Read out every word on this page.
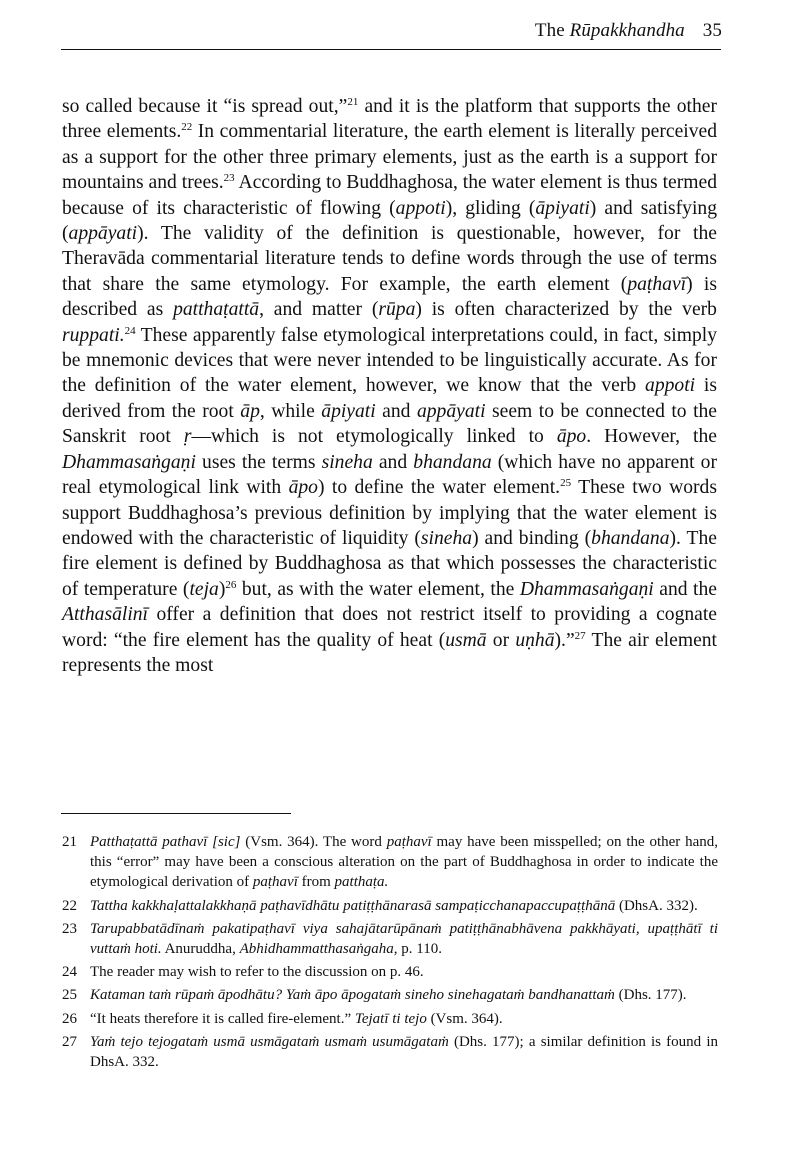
The Rūpakkhandha 35

so called because it “is spread out,”$^{21}$ and it is the platform that supports the other three elements.$^{22}$ In commentarial literature, the earth element is literally perceived as a support for the other three primary elements, just as the earth is a support for mountains and trees.$^{23}$ According to Buddhaghosa, the water element is thus termed because of its characteristic of flowing (appoti), gliding (āpiyati) and satisfying (appāyati). The validity of the definition is questionable, however, for the Theravāda commentarial literature tends to define words through the use of terms that share the same etymology. For example, the earth element (paṭhavī) is described as patthaṭattā, and matter (rūpa) is often characterized by the verb ruppati.$^{24}$ These apparently false etymological interpretations could, in fact, simply be mnemonic devices that were never intended to be linguistically accurate. As for the definition of the water element, however, we know that the verb appoti is derived from the root āp, while āpiyati and appāyati seem to be connected to the Sanskrit root ṛ—which is not etymologically linked to āpo. However, the Dhammasaṅgaṇi uses the terms sineha and bhandana (which have no apparent or real etymological link with āpo) to define the water element.$^{25}$ These two words support Buddhaghosa’s previous definition by implying that the water element is endowed with the characteristic of liquidity (sineha) and binding (bhandana). The fire element is defined by Buddhaghosa as that which possesses the characteristic of temperature (teja)$^{26}$ but, as with the water element, the Dhammasaṅgaṇi and the Atthasālinī offer a definition that does not restrict itself to providing a cognate word: “the fire element has the quality of heat (usmā or uṇhā).”$^{27}$ The air element represents the most

21 Patthaṭattā pathavī [sic] (Vsm. 364). The word paṭhavī may have been misspelled; on the other hand, this “error” may have been a conscious alteration on the part of Buddhaghosa in order to indicate the etymological derivation of paṭhavī from patthaṭa.
22 Tattha kakkhaḷattalakkhaṇā paṭhavīdhātu patiṭṭhānarasā sampaṭicchanapaccupaṭṭhānā (DhsA. 332).
23 Tarupabbatādīnaṁ pakatipaṭhavī viya sahajātarūpānaṁ patiṭṭhānabhāvena pakkhāyati, upaṭṭhātī ti vuttaṁ hoti. Anuruddha, Abhidhammatthasaṅgaha, p. 110.
24 The reader may wish to refer to the discussion on p. 46.
25 Kataman taṁ rūpaṁ āpodhātu? Yaṁ āpo āpogataṁ sineho sinehagataṁ bandhanattaṁ (Dhs. 177).
26 “It heats therefore it is called fire-element.” Tejatī ti tejo (Vsm. 364).
27 Yaṁ tejo tejogataṁ usmā usmāgataṁ usmaṁ usumāgataṁ (Dhs. 177); a similar definition is found in DhsA. 332.
